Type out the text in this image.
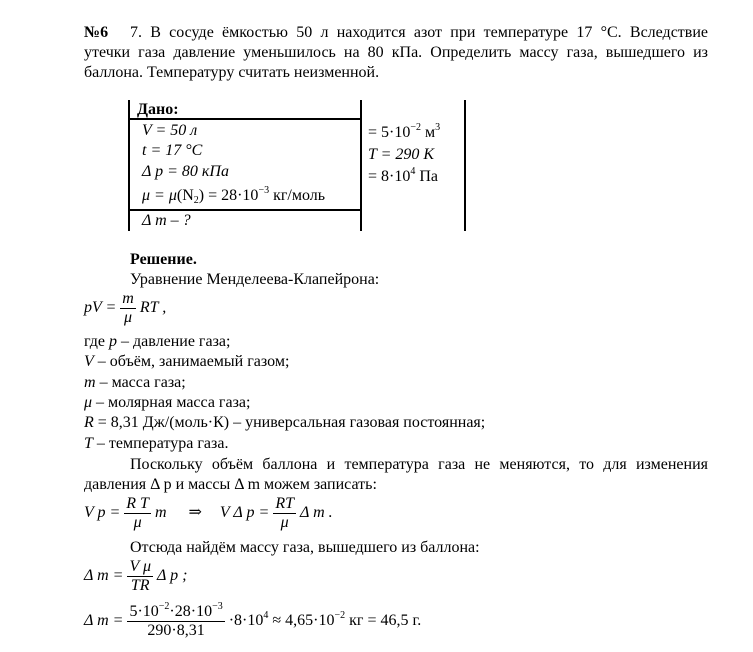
№6 7. В сосуде ёмкостью 50 л находится азот при температуре 17 °С. Вследствие
утечки газа давление уменьшилось на 80 кПа. Определить массу газа, вышедшего из
баллона. Температуру считать неизменной.
Дано:
V = 50 л
t = 17 °С
Δ p = 80 кПа
$\mu = \mu(N_2) = 28\cdot 10^{-3}$ кг/моль
Δ m – ?
= $5\cdot 10^{-2}$ $м^3$
T = 290 К
= $8\cdot 10^4$ Па
Решение.
Уравнение Менделеева-Клапейрона:
pV = $\frac{m}{\mu}$ RT ,
где p – давление газа;
V – объём, занимаемый газом;
m – масса газа;
μ – молярная масса газа;
R = 8,31 Дж/(моль·К) – универсальная газовая постоянная;
T – температура газа.
Поскольку объём баллона и температура газа не меняются, то для изменения
давления Δ p и массы Δ m можем записать:
V $p = \frac{\text{R T}}{\mu}$ m ⇒ V Δ $p = \frac{RT}{\mu}$ Δ m .
Отсюда найдём массу газа, вышедшего из баллона:
Δ $m = \frac{\text{V μ}}{TR}$ Δ p ;
Δ $m = \frac{5\cdot 10^{-2}\cdot 28\cdot 10^{-3}}{290\cdot 8,31} \cdot 8\cdot 10^4 \approx 4,65\cdot 10^{-2}$ кг = 46,5 г.
